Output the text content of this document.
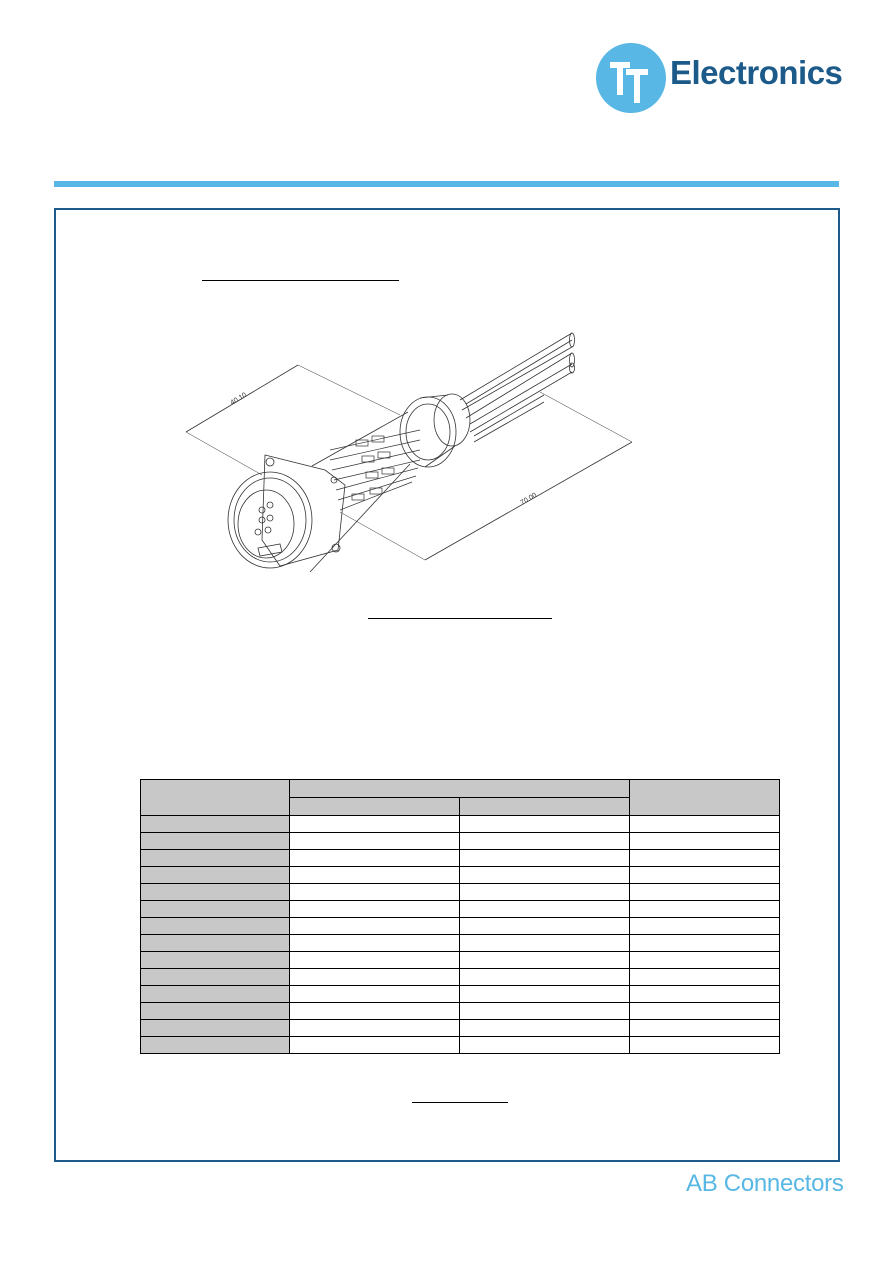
Electronics
40.10
70.00

AB Connectors
